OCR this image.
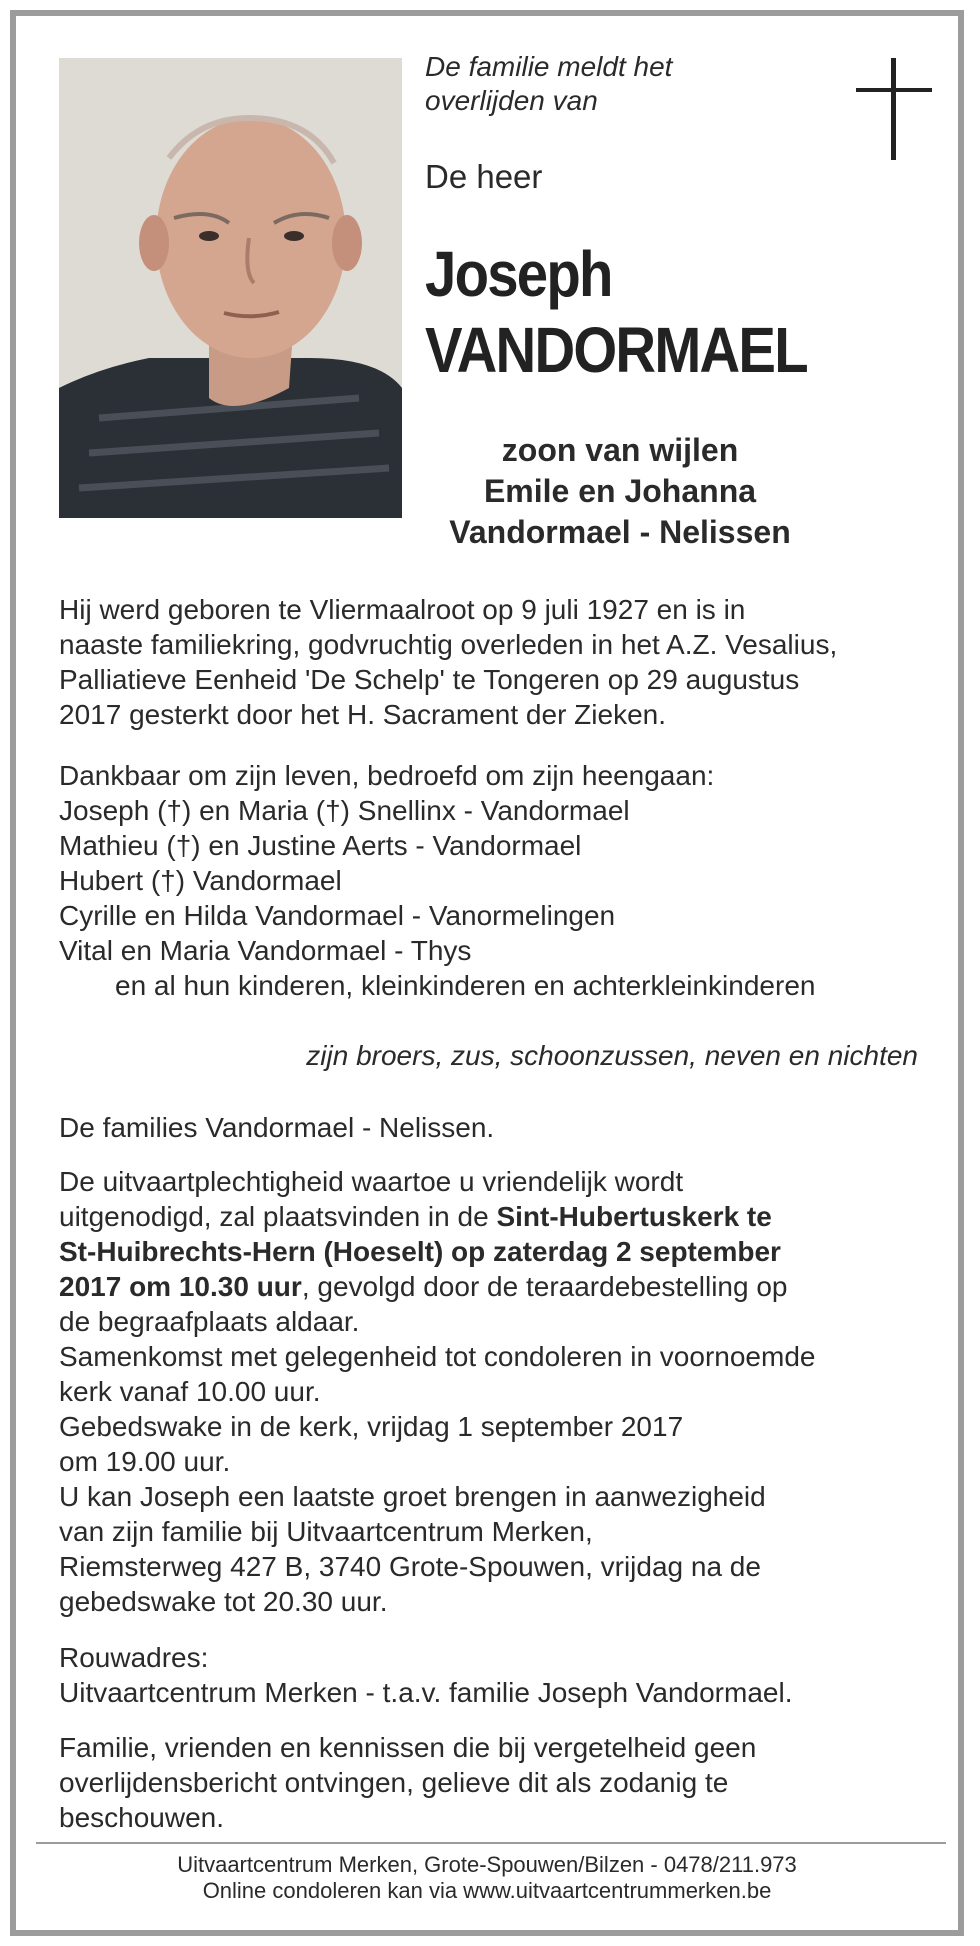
De familie meldt het
overlijden van
De heer
Joseph
VANDORMAEL
zoon van wijlen
Emile en Johanna
Vandormael - Nelissen
Hij werd geboren te Vliermaalroot op 9 juli 1927 en is in
naaste familiekring, godvruchtig overleden in het A.Z. Vesalius,
Palliatieve Eenheid 'De Schelp' te Tongeren op 29 augustus
2017 gesterkt door het H. Sacrament der Zieken.
Dankbaar om zijn leven, bedroefd om zijn heengaan:
Joseph (†) en Maria (†) Snellinx - Vandormael
Mathieu (†) en Justine Aerts - Vandormael
Hubert (†) Vandormael
Cyrille en Hilda Vandormael - Vanormelingen
Vital en Maria Vandormael - Thys
en al hun kinderen, kleinkinderen en achterkleinkinderen
zijn broers, zus, schoonzussen, neven en nichten
De families Vandormael - Nelissen.
De uitvaartplechtigheid waartoe u vriendelijk wordt
uitgenodigd, zal plaatsvinden in de Sint-Hubertuskerk te
St-Huibrechts-Hern (Hoeselt) op zaterdag 2 september
2017 om 10.30 uur, gevolgd door de teraardebestelling op
de begraafplaats aldaar.
Samenkomst met gelegenheid tot condoleren in voornoemde
kerk vanaf 10.00 uur.
Gebedswake in de kerk, vrijdag 1 september 2017
om 19.00 uur.
U kan Joseph een laatste groet brengen in aanwezigheid
van zijn familie bij Uitvaartcentrum Merken,
Riemsterweg 427 B, 3740 Grote-Spouwen, vrijdag na de
gebedswake tot 20.30 uur.
Rouwadres:
Uitvaartcentrum Merken - t.a.v. familie Joseph Vandormael.
Familie, vrienden en kennissen die bij vergetelheid geen
overlijdensbericht ontvingen, gelieve dit als zodanig te
beschouwen.
Uitvaartcentrum Merken, Grote-Spouwen/Bilzen - 0478/211.973
Online condoleren kan via www.uitvaartcentrummerken.be
